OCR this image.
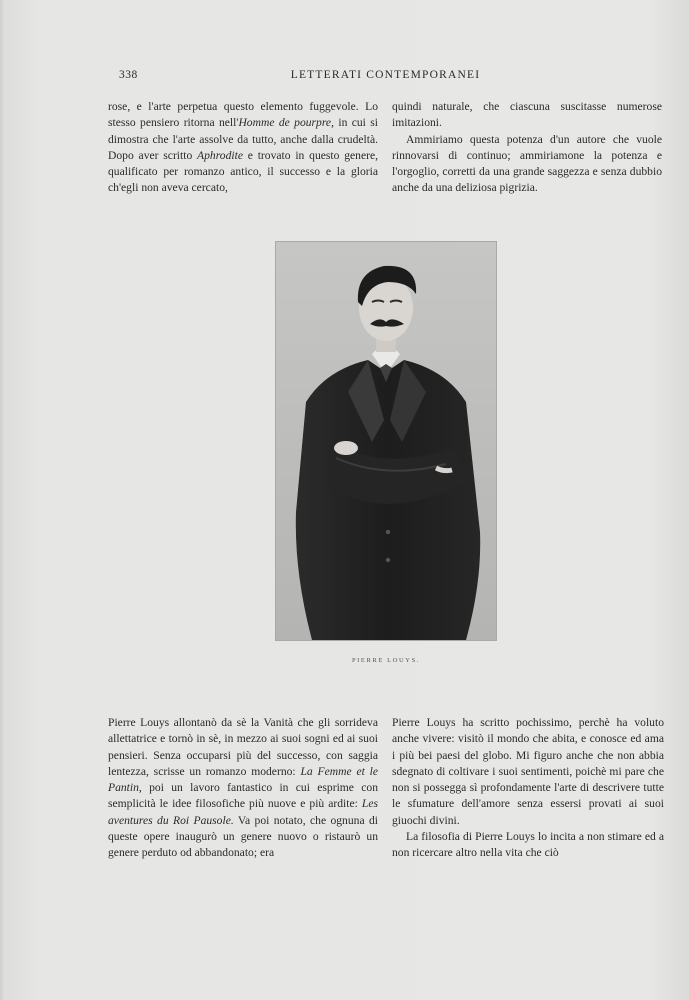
338	LETTERATI CONTEMPORANEI

rose, e l'arte perpetua questo elemento fuggevole. Lo stesso pensiero ritorna nell'Homme de pourpre, in cui si dimostra che l'arte assolve da tutto, anche dalla crudeltà. Dopo aver scritto Aphrodite e trovato in questo genere, qualificato per romanzo antico, il successo e la gloria ch'egli non aveva cercato,

quindi naturale, che ciascuna suscitasse numerose imitazioni.

Ammiriamo questa potenza d'un autore che vuole rinnovarsi di continuo; ammiriamone la potenza e l'orgoglio, corretti da una grande saggezza e senza dubbio anche da una deliziosa pigrizia.

PIERRE LOUYS.

Pierre Louys allontanò da sè la Vanità che gli sorrideva allettatrice e tornò in sè, in mezzo ai suoi sogni ed ai suoi pensieri. Senza occuparsi più del successo, con saggia lentezza, scrisse un romanzo moderno: La Femme et le Pantin, poi un lavoro fantastico in cui esprime con semplicità le idee filosofiche più nuove e più ardite: Les aventures du Roi Pausole. Va poi notato, che ognuna di queste opere inaugurò un genere nuovo o ristaurò un genere perduto od abbandonato; era

Pierre Louys ha scritto pochissimo, perchè ha voluto anche vivere: visitò il mondo che abita, e conosce ed ama i più bei paesi del globo. Mi figuro anche che non abbia sdegnato di coltivare i suoi sentimenti, poichè mi pare che non si possegga sì profondamente l'arte di descrivere tutte le sfumature dell'amore senza essersi provati ai suoi giuochi divini.

La filosofia di Pierre Louys lo incita a non stimare ed a non ricercare altro nella vita che ciò
